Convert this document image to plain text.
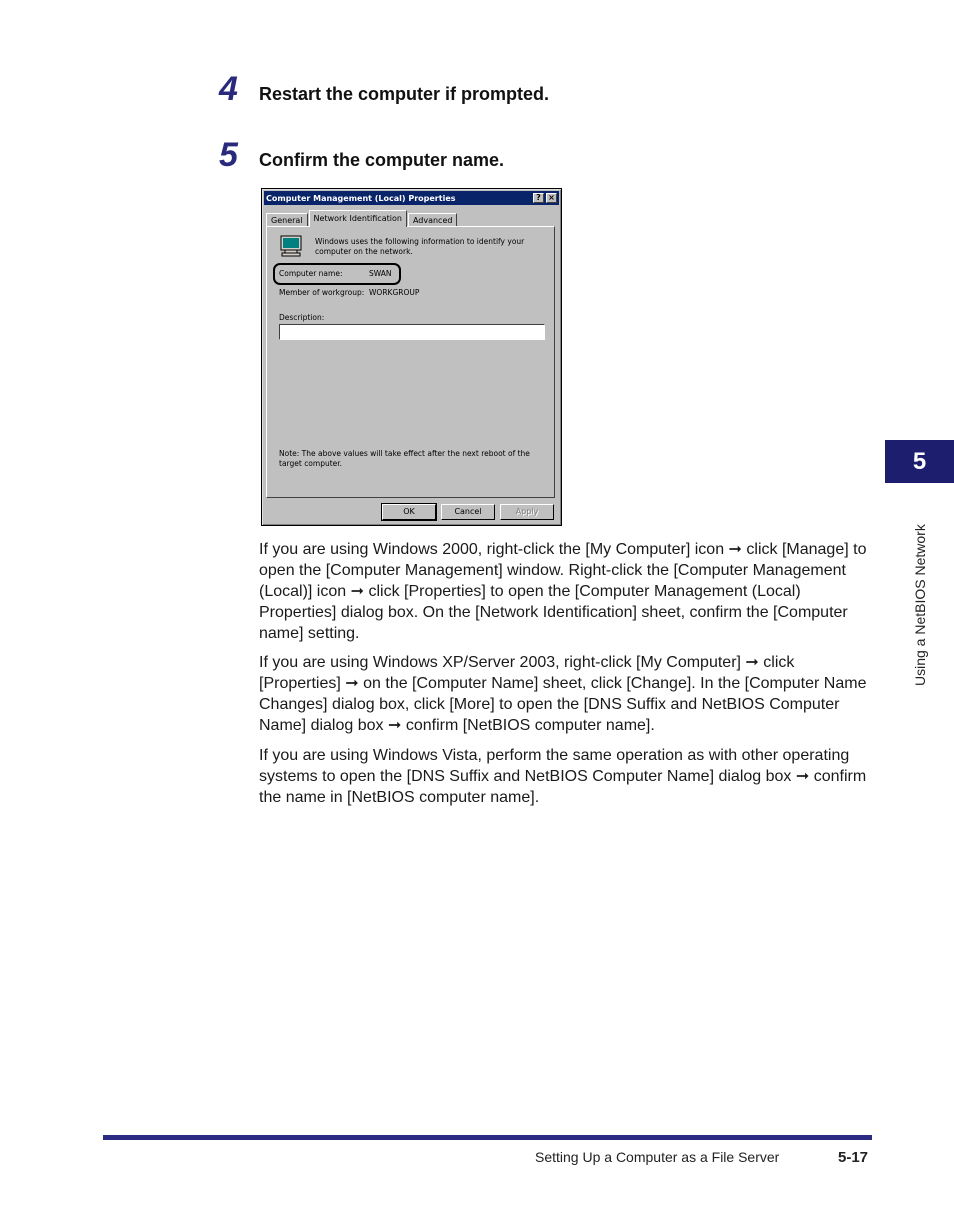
4	Restart the computer if prompted.
5	Confirm the computer name.
Computer Management (Local) Properties	? ×
General	Network Identification	Advanced
Windows uses the following information to identify your computer on the network.
Computer name:	SWAN
Member of workgroup: WORKGROUP
Description:
Note: The above values will take effect after the next reboot of the target computer.
OK	Cancel	Apply

If you are using Windows 2000, right-click the [My Computer] icon ➞ click [Manage] to open the [Computer Management] window. Right-click the [Computer Management (Local)] icon ➞ click [Properties] to open the [Computer Management (Local) Properties] dialog box. On the [Network Identification] sheet, confirm the [Computer name] setting.

If you are using Windows XP/Server 2003, right-click [My Computer] ➞ click [Properties] ➞ on the [Computer Name] sheet, click [Change]. In the [Computer Name Changes] dialog box, click [More] to open the [DNS Suffix and NetBIOS Computer Name] dialog box ➞ confirm [NetBIOS computer name].

If you are using Windows Vista, perform the same operation as with other operating systems to open the [DNS Suffix and NetBIOS Computer Name] dialog box ➞ confirm the name in [NetBIOS computer name].

5
Using a NetBIOS Network
Setting Up a Computer as a File Server	5-17
